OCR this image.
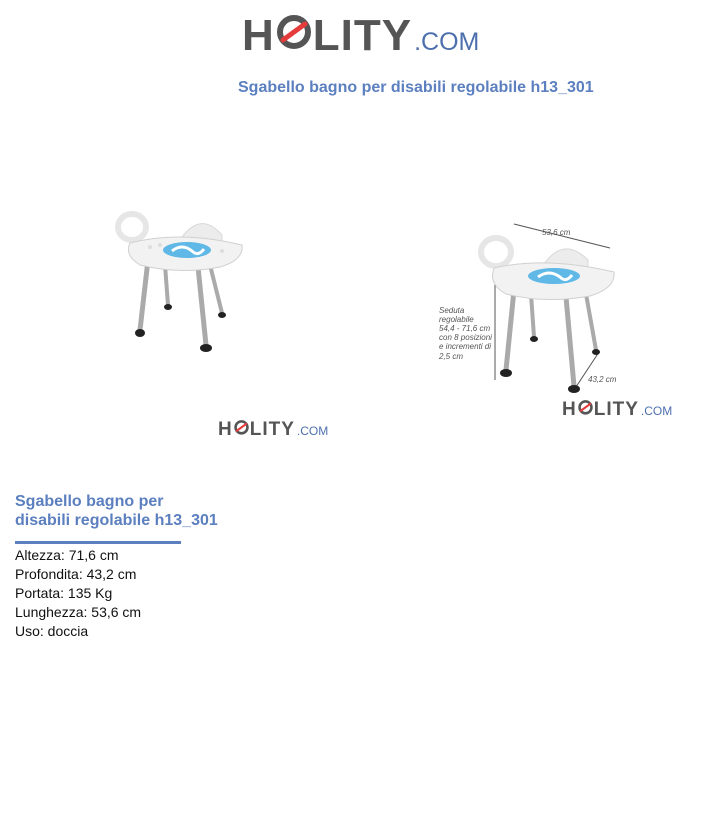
H LITY .COM
Sgabello bagno per disabili regolabile h13_301
H LITY .COM
53,6 cm
Seduta
regolabile
54,4 - 71,6 cm
con 8 posizioni
e incrementi di
2,5 cm
43,2 cm
H LITY .COM
Sgabello bagno per
disabili regolabile h13_301
Altezza: 71,6 cm
Profondita: 43,2 cm
Portata: 135 Kg
Lunghezza: 53,6 cm
Uso: doccia
